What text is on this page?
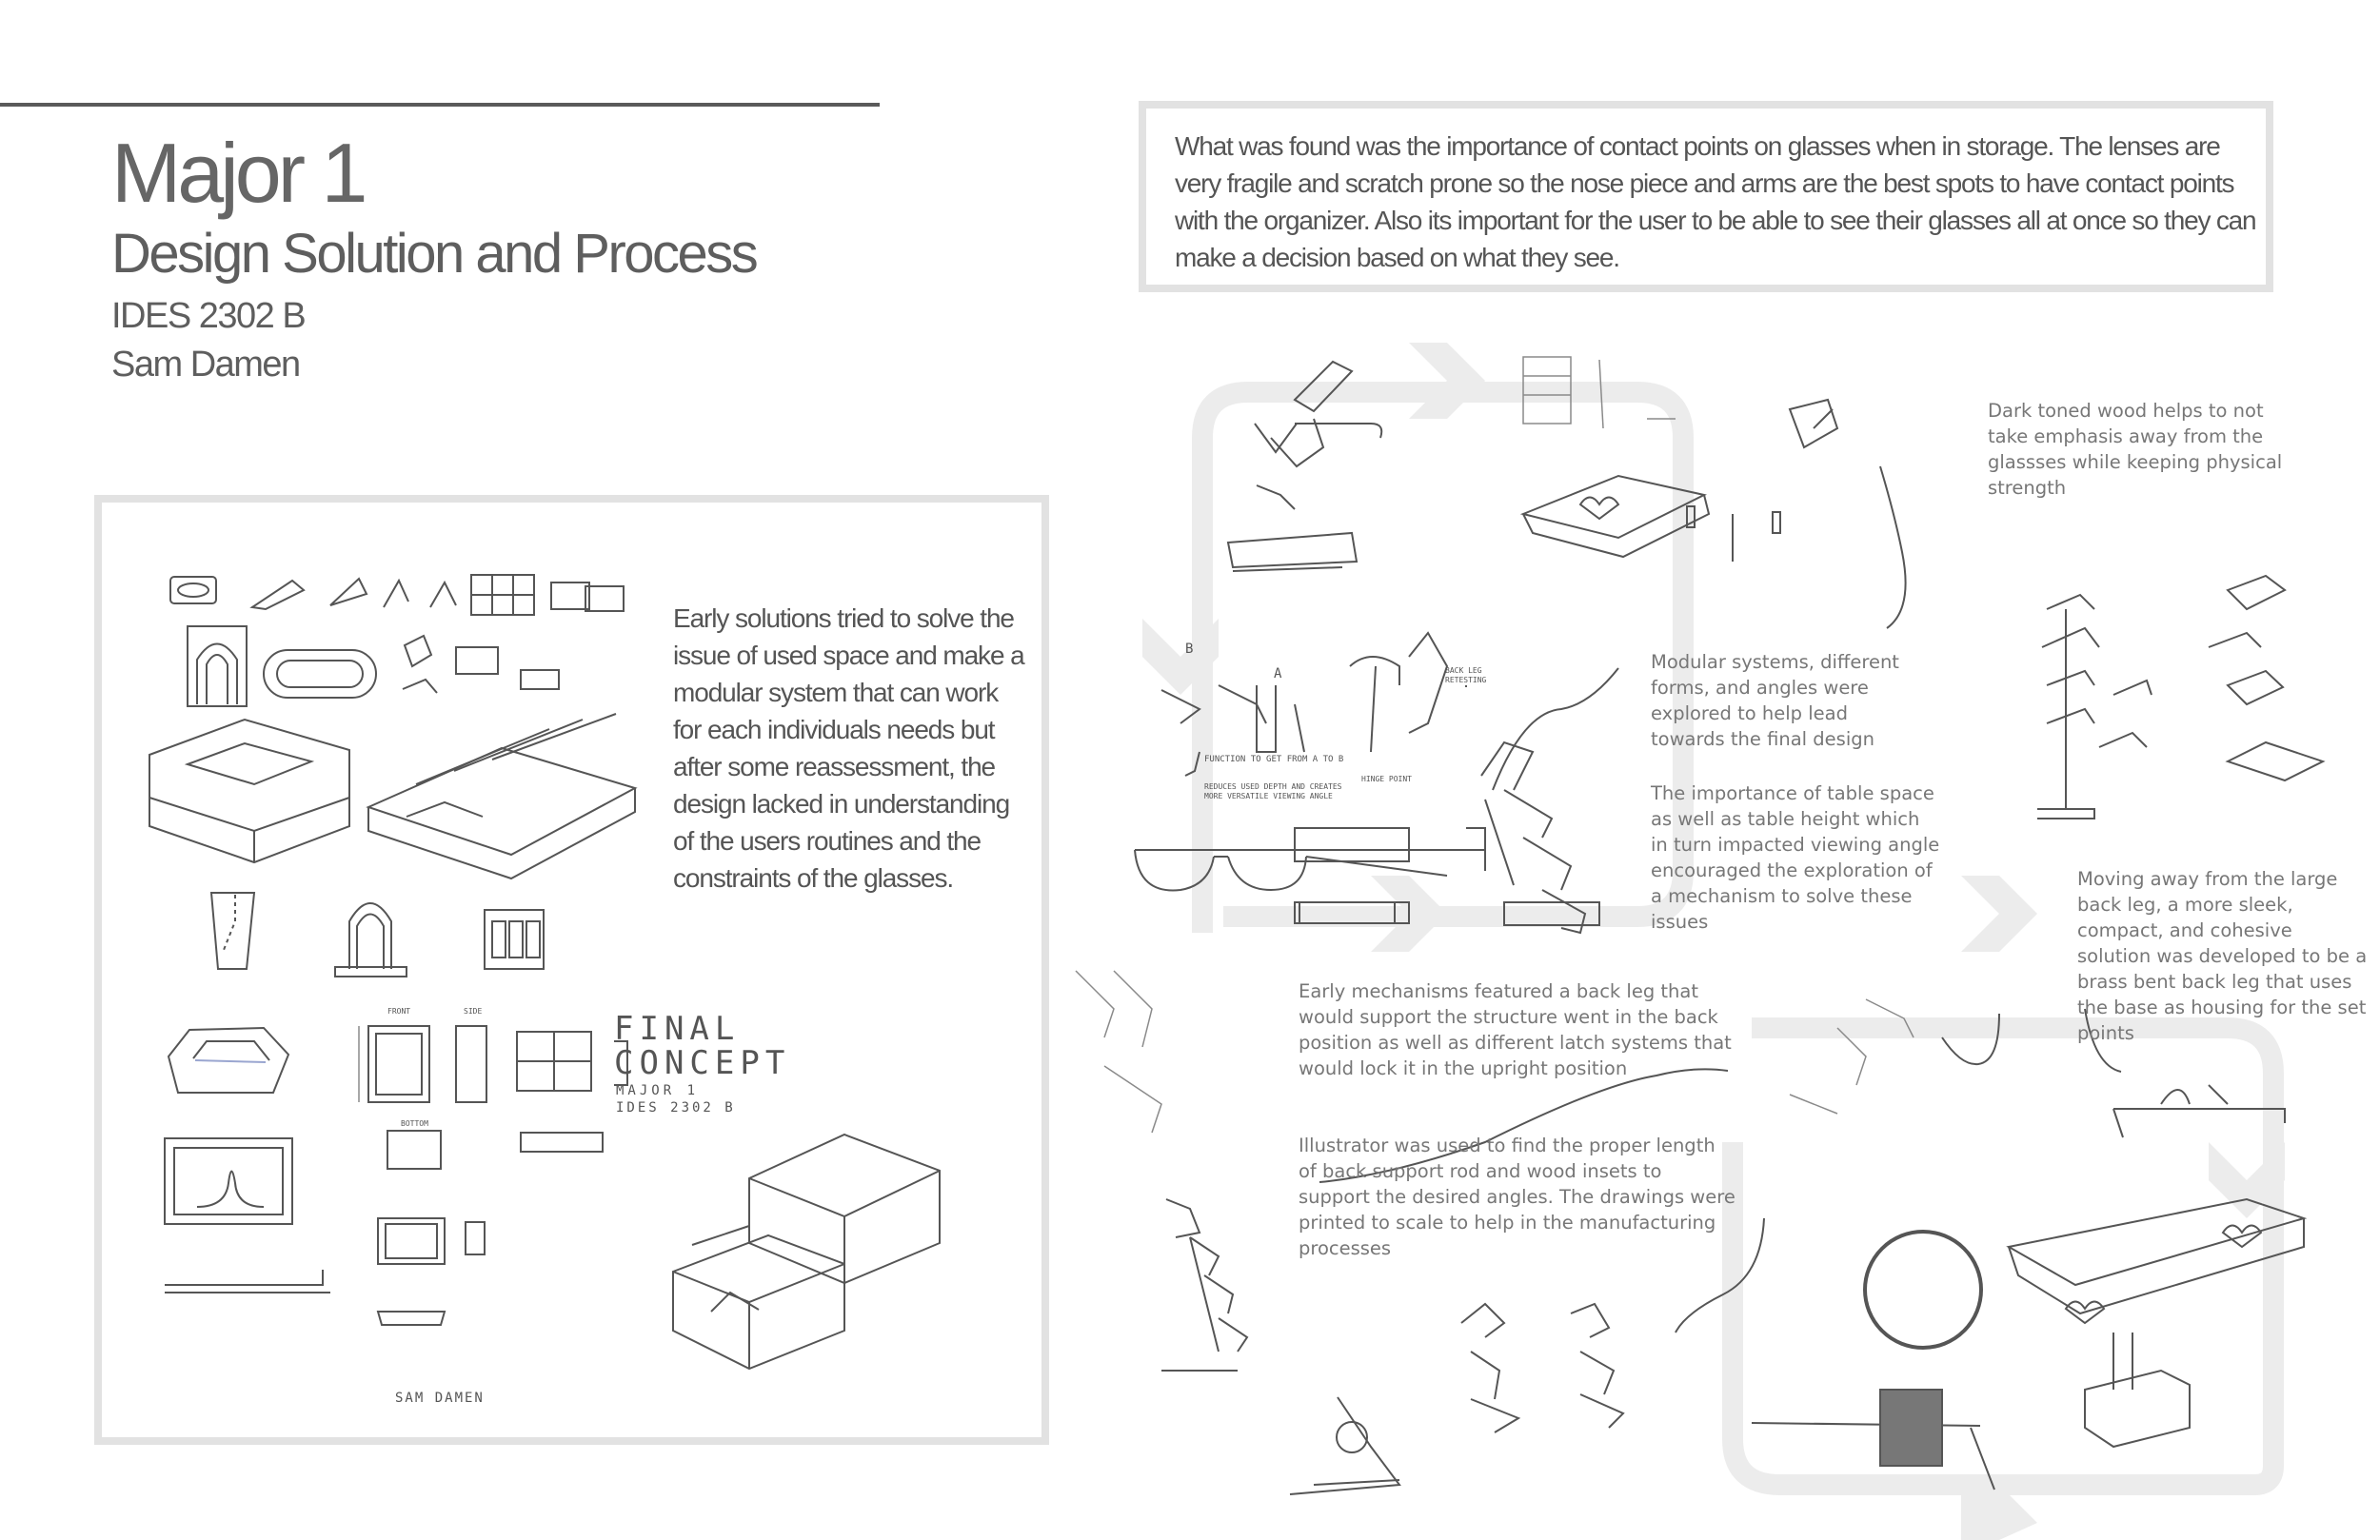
Major 1
Design Solution and Process
IDES 2302 B
Sam Damen

What was found was the importance of contact points on glasses when in storage. The lenses are very fragile and scratch prone so the nose piece and arms are the best spots to have contact points with the organizer. Also its important for the user to be able to see their glasses all at once so they can make a decision based on what they see.

Early solutions tried to solve the issue of used space and make a modular system that can work for each individuals needs but after some reassessment, the design lacked in understanding of the users routines and the constraints of the glasses.

FINAL CONCEPT
MAJOR 1
IDES 2302 B
SAM DAMEN
FRONT	SIDE
BOTTOM
B
A
FUNCTION TO GET FROM A TO B
REDUCES USED DEPTH AND CREATES MORE VERSATILE VIEWING ANGLE
HINGE POINT
BACK LEG RETESTING

Dark toned wood helps to not take emphasis away from the glassses while keeping physical strength

Modular systems, different forms, and angles were explored to help lead towards the final design

The importance of table space as well as table height which in turn impacted viewing angle encouraged the exploration of a mechanism to solve these issues

Early mechanisms featured a back leg that would support the structure went in the back position as well as different latch systems that would lock it in the upright position

Moving away from the large back leg, a more sleek, compact, and cohesive solution was developed to be a brass bent back leg that uses the base as housing for the set points

Illustrator was used to find the proper length of back support rod and wood insets to support the desired angles. The drawings were printed to scale to help in the manufacturing processes
